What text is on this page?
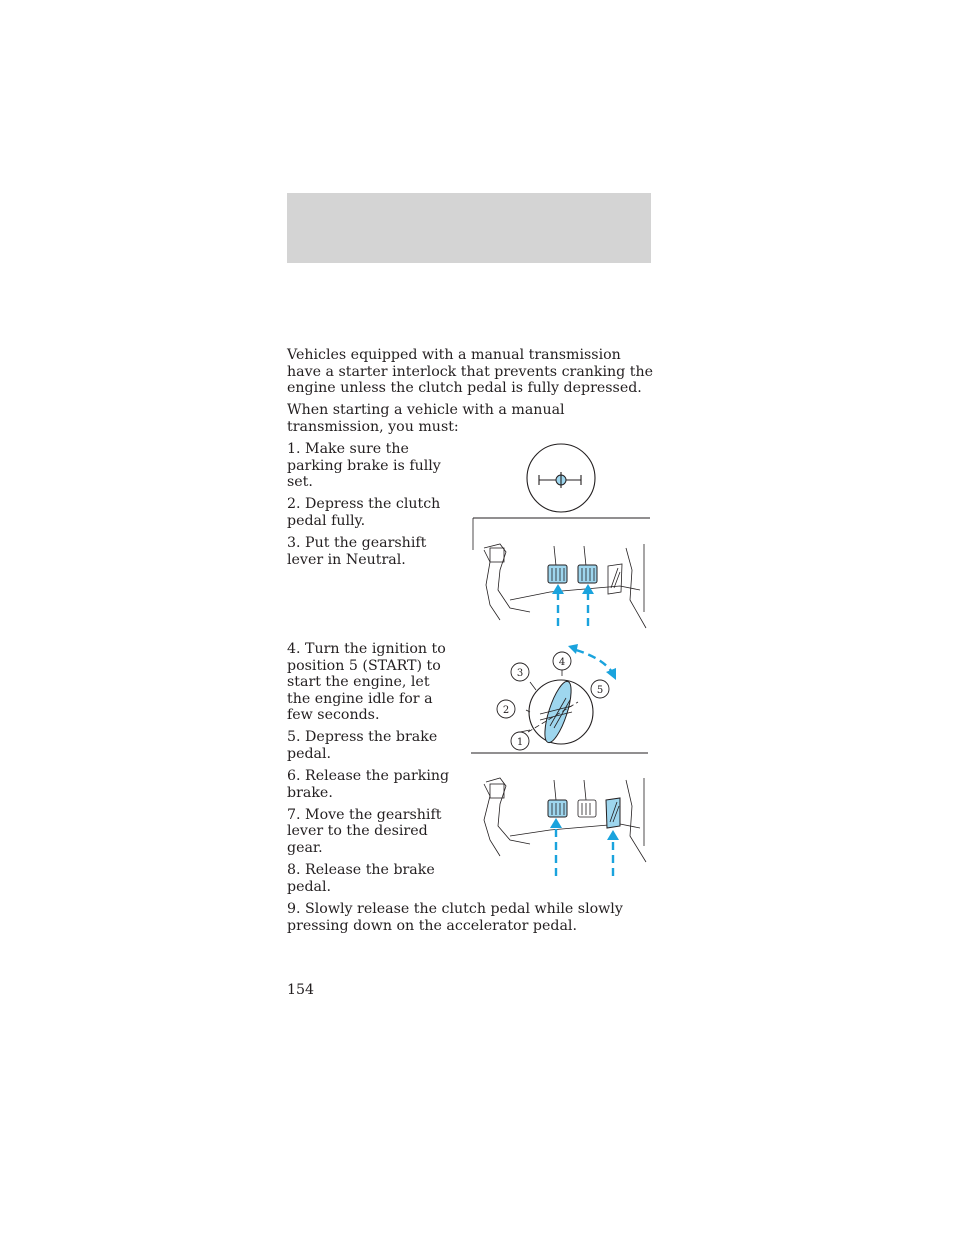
Vehicles equipped with a manual transmission have a starter interlock that prevents cranking the engine unless the clutch pedal is fully depressed.

When starting a vehicle with a manual transmission, you must:

1. Make sure the parking brake is fully set.

2. Depress the clutch pedal fully.

3. Put the gearshift lever in Neutral.

4. Turn the ignition to position 5 (START) to start the engine, let the engine idle for a few seconds.

5. Depress the brake pedal.

6. Release the parking brake.

7. Move the gearshift lever to the desired gear.

8. Release the brake pedal.

9. Slowly release the clutch pedal while slowly pressing down on the accelerator pedal.

154
1
2
3
4
5
